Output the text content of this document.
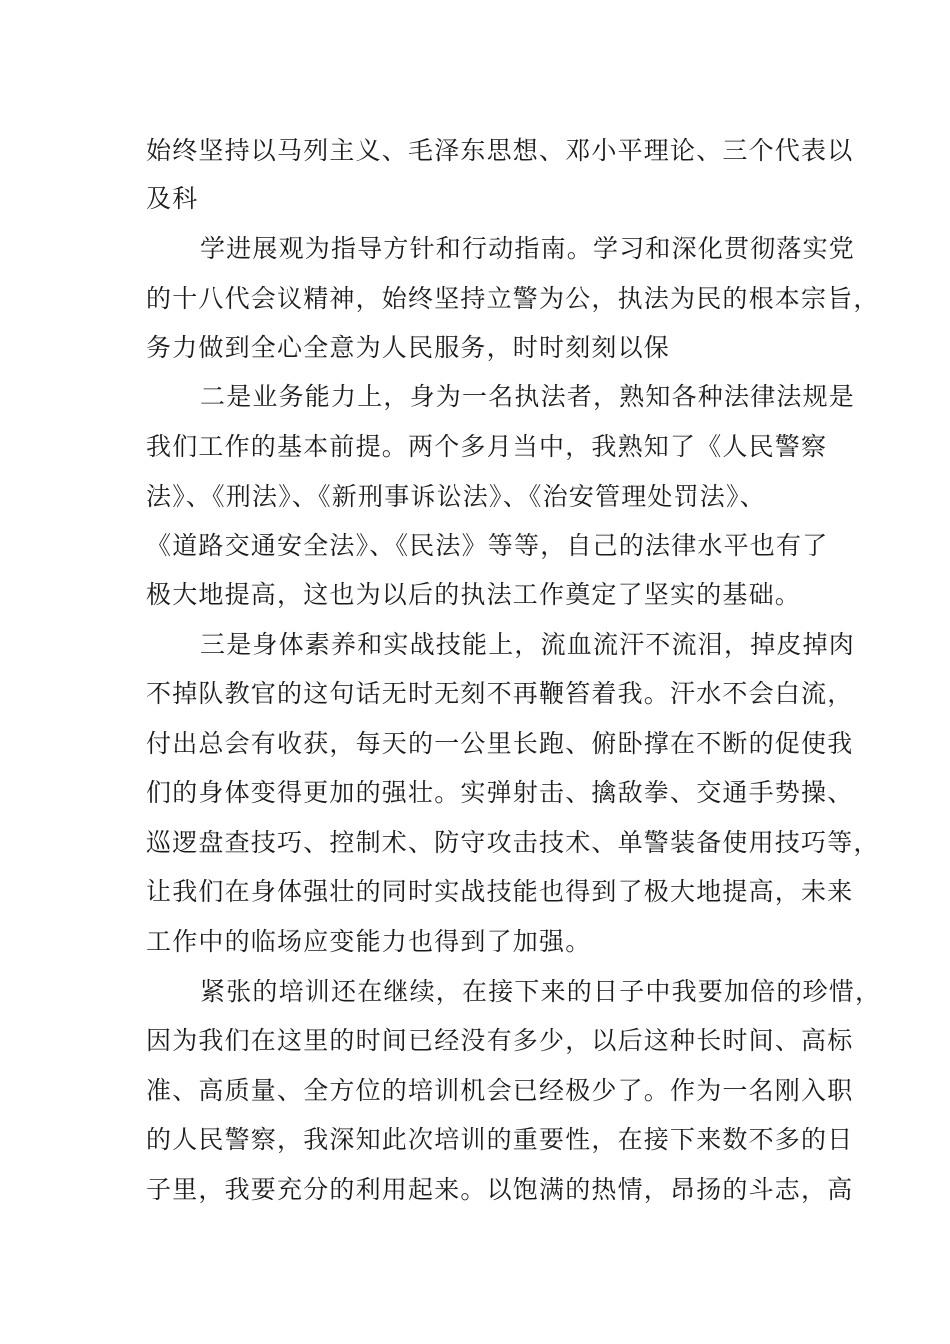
始终坚持以马列主义、毛泽东思想、邓小平理论、三个代表以
及科
学进展观为指导方针和行动指南。学习和深化贯彻落实党
的十八代会议精神，始终坚持立警为公，执法为民的根本宗旨，
务力做到全心全意为人民服务，时时刻刻以保
二是业务能力上，身为一名执法者，熟知各种法律法规是
我们工作的基本前提。两个多月当中，我熟知了《人民警察
法》、《刑法》、《新刑事诉讼法》、《治安管理处罚法》、
《道路交通安全法》、《民法》等等，自己的法律水平也有了
极大地提高，这也为以后的执法工作奠定了坚实的基础。
三是身体素养和实战技能上，流血流汗不流泪，掉皮掉肉
不掉队教官的这句话无时无刻不再鞭笞着我。汗水不会白流，
付出总会有收获，每天的一公里长跑、俯卧撑在不断的促使我
们的身体变得更加的强壮。实弹射击、擒敌拳、交通手势操、
巡逻盘查技巧、控制术、防守攻击技术、单警装备使用技巧等，
让我们在身体强壮的同时实战技能也得到了极大地提高，未来
工作中的临场应变能力也得到了加强。
紧张的培训还在继续，在接下来的日子中我要加倍的珍惜，
因为我们在这里的时间已经没有多少，以后这种长时间、高标
准、高质量、全方位的培训机会已经极少了。作为一名刚入职
的人民警察，我深知此次培训的重要性，在接下来数不多的日
子里，我要充分的利用起来。以饱满的热情，昂扬的斗志，高
